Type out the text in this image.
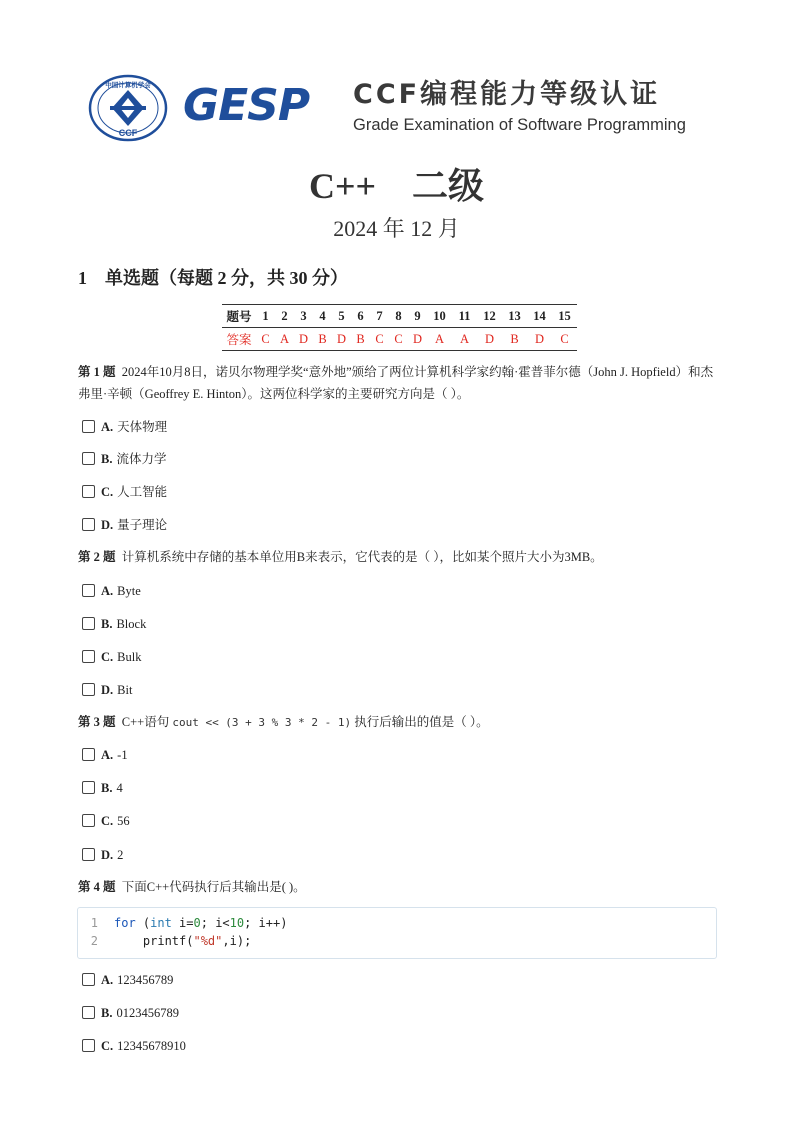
CCF
中国计算机学会 GESP CCF编程能力等级认证
Grade Examination of Software Programming
C++    二级
2024 年 12 月
1    单选题（每题 2 分，共 30 分）
题号	1	2	3	4	5	6	7	8	9	10	11	12	13	14	15
答案	C	A	D	B	D	B	C	C	D	A	A	D	B	D	C
第 1 题 2024年10月8日，诺贝尔物理学奖“意外地”颁给了两位计算机科学家约翰·霍普菲尔德（John J. Hopfield）和杰弗里·辛顿（Geoffrey E. Hinton）。这两位科学家的主要研究方向是（ ）。
A. 天体物理
B. 流体力学
C. 人工智能
D. 量子理论
第 2 题 计算机系统中存储的基本单位用B来表示，它代表的是（ ），比如某个照片大小为3MB。
A. Byte
B. Block
C. Bulk
D. Bit
第 3 题 C++语句 cout << (3 + 3 % 3 * 2 - 1) 执行后输出的值是（ ）。
A. -1
B. 4
C. 56
D. 2
第 4 题 下面C++代码执行后其输出是( )。
1 for (int i=0; i<10; i++)
2	printf("%d",i);
A. 123456789
B. 0123456789
C. 12345678910
